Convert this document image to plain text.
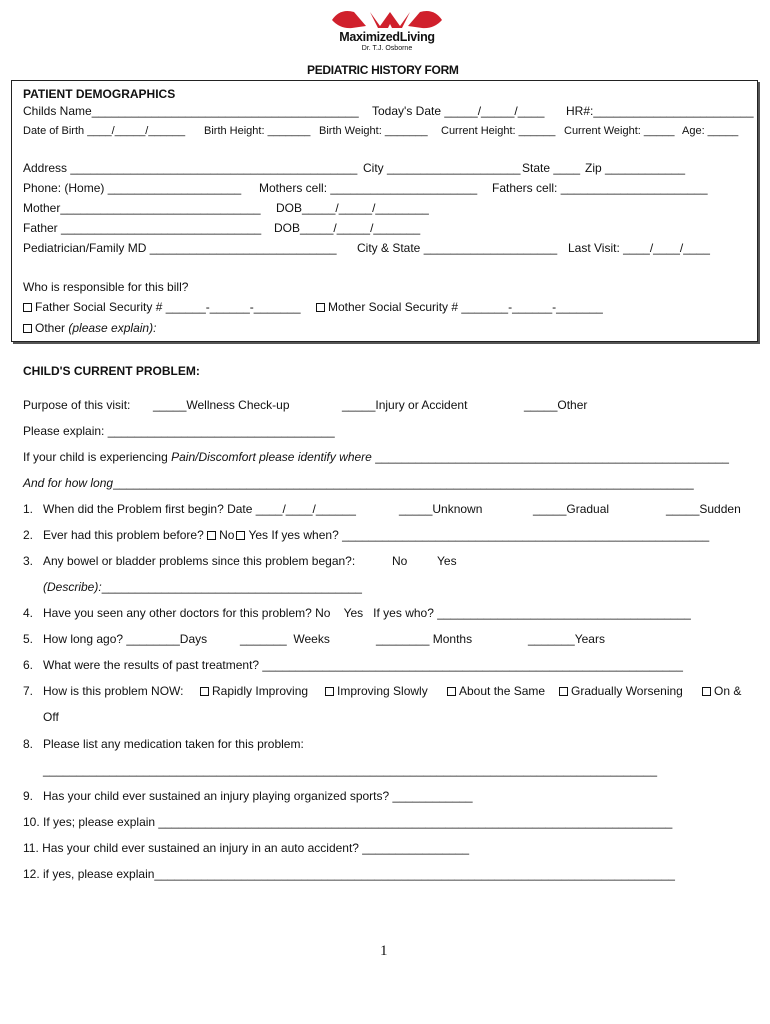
MaximizedLiving
Dr. T.J. Osborne
PEDIATRIC HISTORY FORM
PATIENT DEMOGRAPHICS
Childs Name________________________________________ Today's Date _____/_____/____ HR#:________________________
Date of Birth ____/_____/______ Birth Height: _______ Birth Weight: _______ Current Height: ______ Current Weight: _____ Age: _____
Address ___________________________________________ City ____________________ State ____ Zip ____________
Phone: (Home) ____________________ Mothers cell: ______________________ Fathers cell: ______________________
Mother______________________________ DOB_____/_____/________
Father ______________________________ DOB_____/_____/_______
Pediatrician/Family MD ____________________________ City & State ____________________ Last Visit: ____/____/____
Who is responsible for this bill?
Father Social Security # ______-______-_______	Mother Social Security # _______-______-_______
Other (please explain):
CHILD'S CURRENT PROBLEM:
Purpose of this visit: _____Wellness Check-up	_____Injury or Accident	_____Other
Please explain: __________________________________
If your child is experiencing Pain/Discomfort please identify where _____________________________________________________
And for how long_______________________________________________________________________________________
1. When did the Problem first begin? Date ____/____/______	_____Unknown	_____Gradual	_____Sudden
2. Ever had this problem before? No Yes If yes when? _______________________________________________________
3. Any bowel or bladder problems since this problem began?:	No Yes
(Describe):_______________________________________
4. Have you seen any other doctors for this problem? No    Yes   If yes who? ______________________________________
5. How long ago? ________Days	_______  Weeks	________ Months	_______Years
6. What were the results of past treatment? _______________________________________________________________
7. How is this problem NOW:	Rapidly Improving	Improving Slowly	About the Same	Gradually Worsening	On &
Off
8. Please list any medication taken for this problem:
____________________________________________________________________________________________
9. Has your child ever sustained an injury playing organized sports? ____________
10. If yes; please explain _____________________________________________________________________________
11. Has your child ever sustained an injury in an auto accident? ________________
12. if yes, please explain______________________________________________________________________________
1
